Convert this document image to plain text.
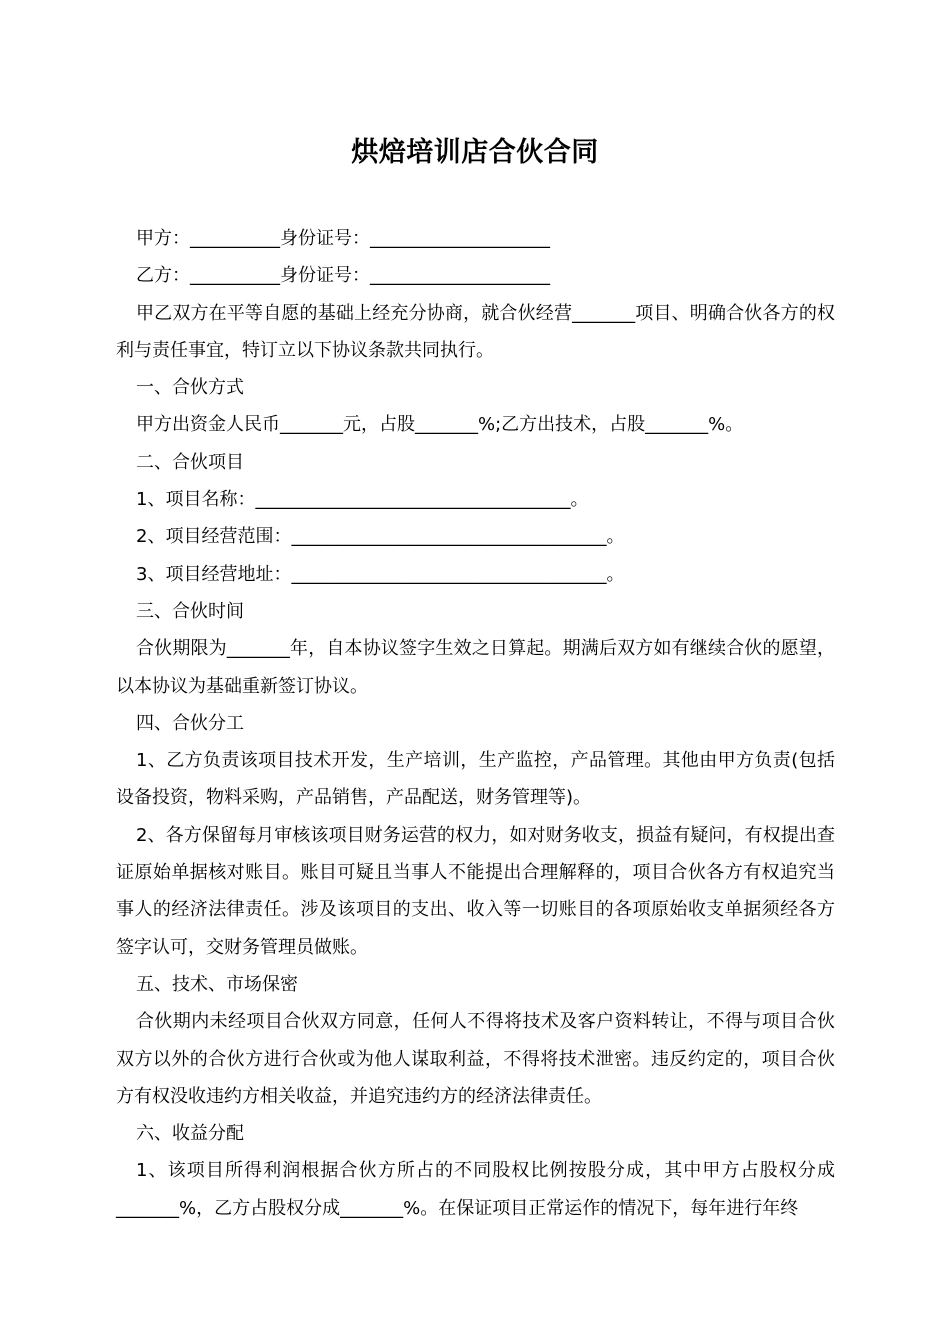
烘焙培训店合伙合同

甲方：__________身份证号：____________________

乙方：__________身份证号：____________________

甲乙双方在平等自愿的基础上经充分协商，就合伙经营_______项目、明确合伙各方的权利与责任事宜，特订立以下协议条款共同执行。

一、合伙方式

甲方出资金人民币_______元，占股_______%;乙方出技术，占股_______%。

二、合伙项目

1、项目名称：___________________________________。

2、项目经营范围：___________________________________。

3、项目经营地址：___________________________________。

三、合伙时间

合伙期限为_______年，自本协议签字生效之日算起。期满后双方如有继续合伙的愿望，以本协议为基础重新签订协议。

四、合伙分工

1、乙方负责该项目技术开发，生产培训，生产监控，产品管理。其他由甲方负责(包括设备投资，物料采购，产品销售，产品配送，财务管理等)。

2、各方保留每月审核该项目财务运营的权力，如对财务收支，损益有疑问，有权提出查证原始单据核对账目。账目可疑且当事人不能提出合理解释的，项目合伙各方有权追究当事人的经济法律责任。涉及该项目的支出、收入等一切账目的各项原始收支单据须经各方签字认可，交财务管理员做账。

五、技术、市场保密

合伙期内未经项目合伙双方同意，任何人不得将技术及客户资料转让，不得与项目合伙双方以外的合伙方进行合伙或为他人谋取利益，不得将技术泄密。违反约定的，项目合伙方有权没收违约方相关收益，并追究违约方的经济法律责任。

六、收益分配

1、该项目所得利润根据合伙方所占的不同股权比例按股分成，其中甲方占股权分成_______%，乙方占股权分成_______%。在保证项目正常运作的情况下，每年进行年终
